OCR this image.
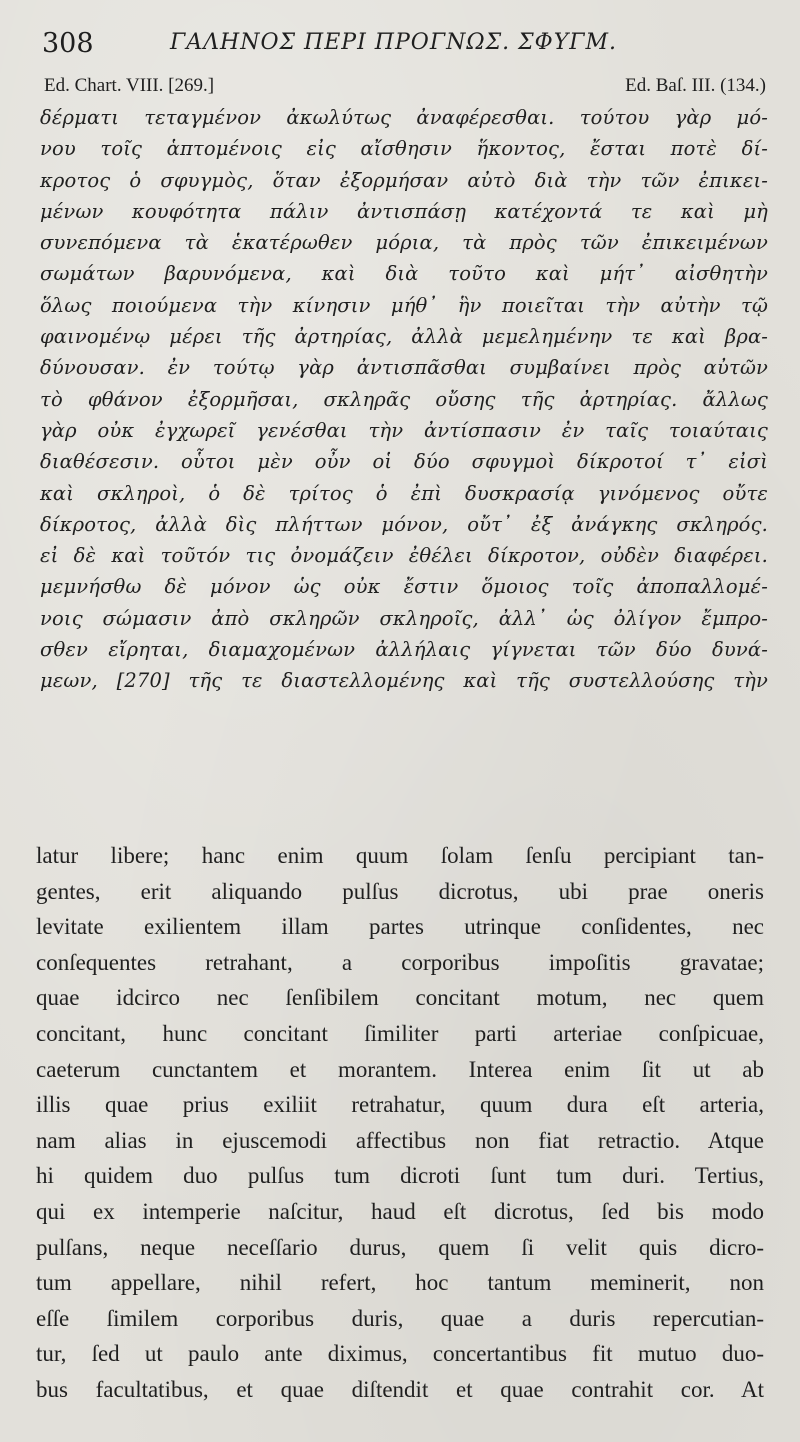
308	ΓΑΛΗΝΟΣ ΠΕΡΙ ΠΡΟΓΝΩΣ. ΣΦΥΓΜ.
Ed. Chart. VIII. [269.]	Ed. Baſ. III. (134.)
δέρματι τεταγμένον ἀκωλύτως ἀναφέρεσθαι. τούτου γὰρ μό-
νου τοῖς ἁπτομένοις εἰς αἴσθησιν ἥκοντος, ἔσται ποτὲ δί-
κροτος ὁ σφυγμὸς, ὅταν ἐξορμήσαν αὐτὸ διὰ τὴν τῶν ἐπικει-
μένων κουφότητα πάλιν ἀντισπάσῃ κατέχοντά τε καὶ μὴ
συνεπόμενα τὰ ἑκατέρωθεν μόρια, τὰ πρὸς τῶν ἐπικειμένων
σωμάτων βαρυνόμενα, καὶ διὰ τοῦτο καὶ μήτ᾽ αἰσθητὴν
ὅλως ποιούμενα τὴν κίνησιν μήθ᾽ ἣν ποιεῖται τὴν αὐτὴν τῷ
φαινομένῳ μέρει τῆς ἀρτηρίας, ἀλλὰ μεμελημένην τε καὶ βρα-
δύνουσαν. ἐν τούτῳ γὰρ ἀντισπᾶσθαι συμβαίνει πρὸς αὐτῶν
τὸ φθάνον ἐξορμῆσαι, σκληρᾶς οὔσης τῆς ἀρτηρίας. ἄλλως
γὰρ οὐκ ἐγχωρεῖ γενέσθαι τὴν ἀντίσπασιν ἐν ταῖς τοιαύταις
διαθέσεσιν. οὗτοι μὲν οὖν οἱ δύο σφυγμοὶ δίκροτοί τ᾽ εἰσὶ
καὶ σκληροὶ, ὁ δὲ τρίτος ὁ ἐπὶ δυσκρασίᾳ γινόμενος οὔτε
δίκροτος, ἀλλὰ δὶς πλήττων μόνον, οὔτ᾽ ἐξ ἀνάγκης σκληρός.
εἰ δὲ καὶ τοῦτόν τις ὀνομάζειν ἐθέλει δίκροτον, οὐδὲν διαφέρει.
μεμνήσθω δὲ μόνον ὡς οὐκ ἔστιν ὅμοιος τοῖς ἀποπαλλομέ-
νοις σώμασιν ἀπὸ σκληρῶν σκληροῖς, ἀλλ᾽ ὡς ὀλίγον ἔμπρο-
σθεν εἴρηται, διαμαχομένων ἀλλήλαις γίγνεται τῶν δύο δυνά-
μεων, [270] τῆς τε διαστελλομένης καὶ τῆς συστελλούσης τὴν
latur libere; hanc enim quum ſolam ſenſu percipiant tan-
gentes, erit aliquando pulſus dicrotus, ubi prae oneris
levitate exilientem illam partes utrinque conſidentes, nec
conſequentes retrahant, a corporibus impoſitis gravatae;
quae idcirco nec ſenſibilem concitant motum, nec quem
concitant, hunc concitant ſimiliter parti arteriae conſpicuae,
caeterum cunctantem et morantem. Interea enim ſit ut ab
illis quae prius exiliit retrahatur, quum dura eſt arteria,
nam alias in ejuscemodi affectibus non fiat retractio. Atque
hi quidem duo pulſus tum dicroti ſunt tum duri. Tertius,
qui ex intemperie naſcitur, haud eſt dicrotus, ſed bis modo
pulſans, neque neceſſario durus, quem ſi velit quis dicro-
tum appellare, nihil refert, hoc tantum meminerit, non
eſſe ſimilem corporibus duris, quae a duris repercutian-
tur, ſed ut paulo ante diximus, concertantibus fit mutuo duo-
bus facultatibus, et quae diſtendit et quae contrahit cor. At
